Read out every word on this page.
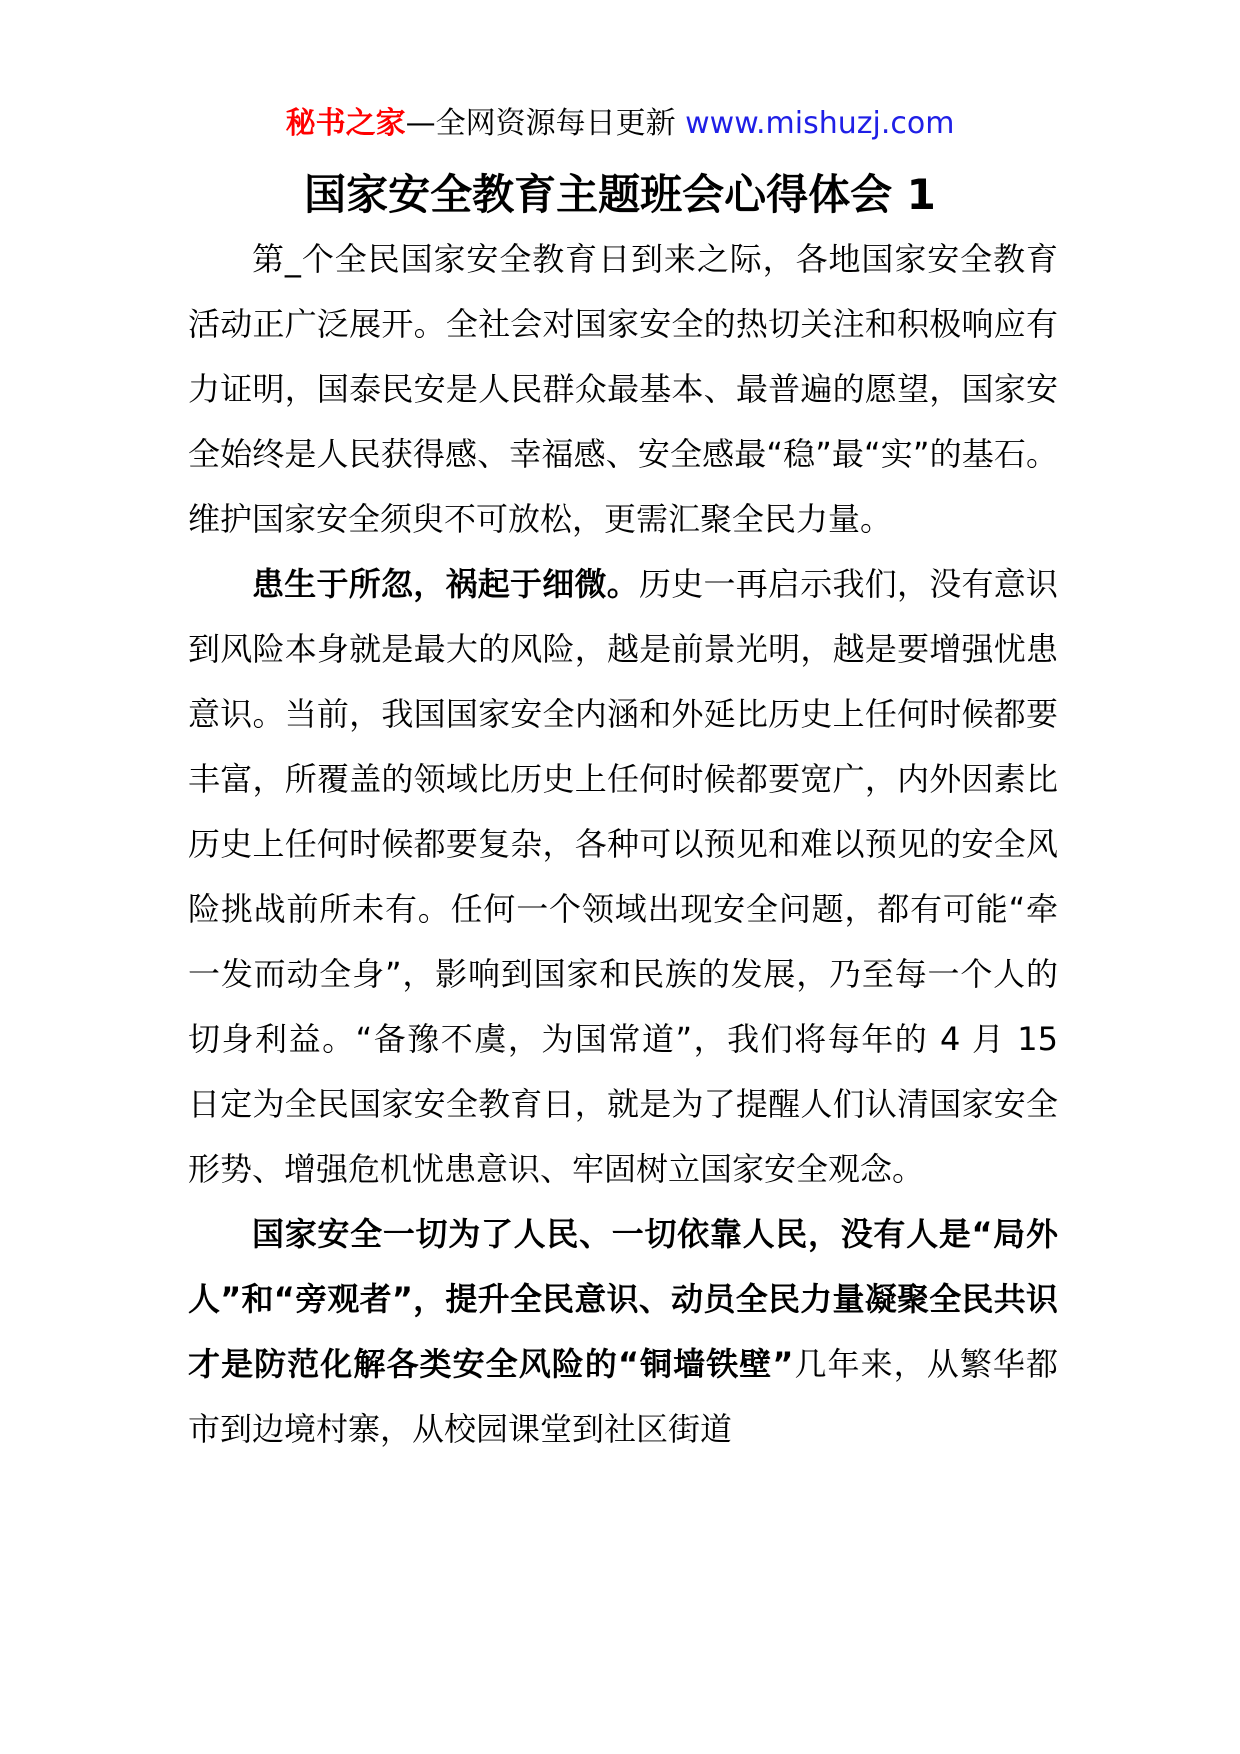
秘书之家—全网资源每日更新 www.mishuzj.com
国家安全教育主题班会心得体会 1

第_个全民国家安全教育日到来之际，各地国家安全教育活动正广泛展开。全社会对国家安全的热切关注和积极响应有力证明，国泰民安是人民群众最基本、最普遍的愿望，国家安全始终是人民获得感、幸福感、安全感最“稳”最“实”的基石。维护国家安全须臾不可放松，更需汇聚全民力量。

患生于所忽，祸起于细微。历史一再启示我们，没有意识到风险本身就是最大的风险，越是前景光明，越是要增强忧患意识。当前，我国国家安全内涵和外延比历史上任何时候都要丰富，所覆盖的领域比历史上任何时候都要宽广，内外因素比历史上任何时候都要复杂，各种可以预见和难以预见的安全风险挑战前所未有。任何一个领域出现安全问题，都有可能“牵一发而动全身”，影响到国家和民族的发展，乃至每一个人的切身利益。“备豫不虞，为国常道”，我们将每年的 4 月 15 日定为全民国家安全教育日，就是为了提醒人们认清国家安全形势、增强危机忧患意识、牢固树立国家安全观念。

国家安全一切为了人民、一切依靠人民，没有人是“局外人”和“旁观者”，提升全民意识、动员全民力量凝聚全民共识才是防范化解各类安全风险的“铜墙铁壁”几年来，从繁华都市到边境村寨，从校园课堂到社区街道
